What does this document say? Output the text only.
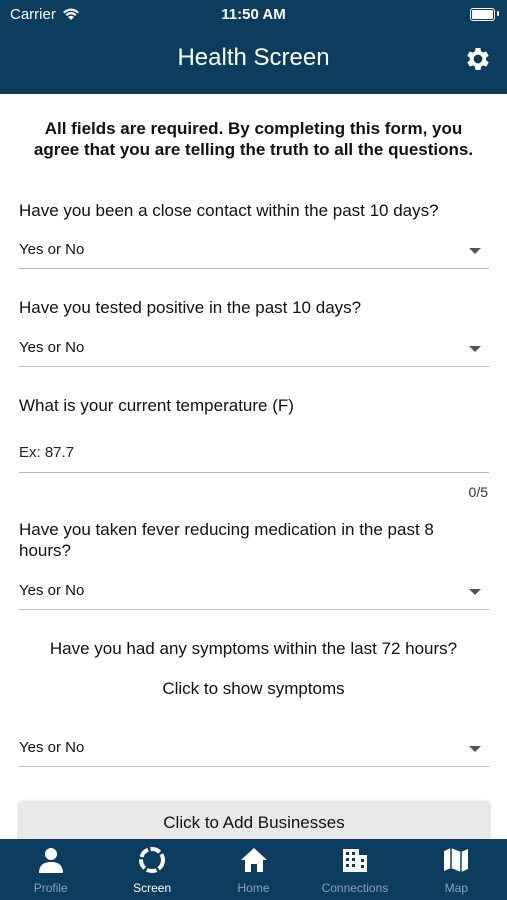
Carrier	11:50 AM
Health Screen
All fields are required. By completing this form, you agree that you are telling the truth to all the questions.
Have you been a close contact within the past 10 days?
Yes or No
Have you tested positive in the past 10 days?
Yes or No
What is your current temperature (F)
Ex: 87.7
0/5
Have you taken fever reducing medication in the past 8 hours?
Yes or No
Have you had any symptoms within the last 72 hours?
Click to show symptoms
Yes or No
Click to Add Businesses
Profile	Screen	Home	Connections	Map
